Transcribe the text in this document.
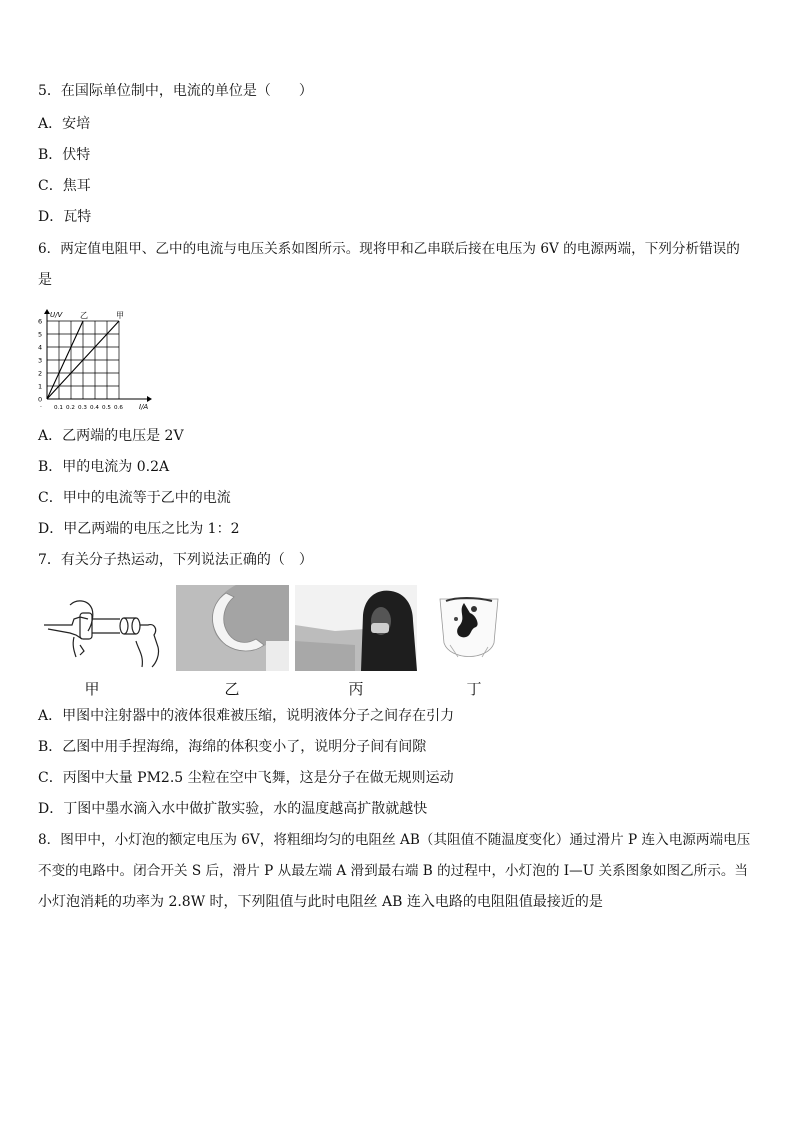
5．在国际单位制中，电流的单位是（　　）
A．安培
B．伏特
C．焦耳
D．瓦特
6．两定值电阻甲、乙中的电流与电压关系如图所示。现将甲和乙串联后接在电压为 6V 的电源两端，下列分析错误的
是
0.1 0.2 0.3 0.4 0.5 0.6
0
1
2
3
4
5
6
甲
乙
U/V
I/A
·
A．乙两端的电压是 2V
B．甲的电流为 0.2A
C．甲中的电流等于乙中的电流
D．甲乙两端的电压之比为 1：2
7．有关分子热运动，下列说法正确的（　）
甲	乙	丙	丁
A．甲图中注射器中的液体很难被压缩，说明液体分子之间存在引力
B．乙图中用手捏海绵，海绵的体积变小了，说明分子间有间隙
C．丙图中大量 PM2.5 尘粒在空中飞舞，这是分子在做无规则运动
D．丁图中墨水滴入水中做扩散实验，水的温度越高扩散就越快
8．图甲中，小灯泡的额定电压为 6V，将粗细均匀的电阻丝 AB（其阻值不随温度变化）通过滑片 P 连入电源两端电压
不变的电路中。闭合开关 S 后，滑片 P 从最左端 A 滑到最右端 B 的过程中，小灯泡的 I—U 关系图象如图乙所示。当
小灯泡消耗的功率为 2.8W 时，下列阻值与此时电阻丝 AB 连入电路的电阻阻值最接近的是
